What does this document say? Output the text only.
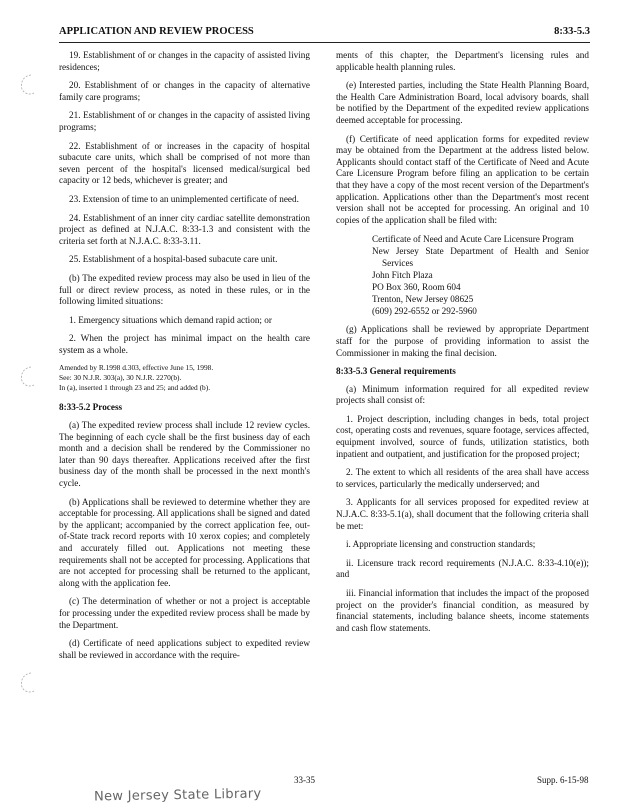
APPLICATION AND REVIEW PROCESS	8:33-5.3

19. Establishment of or changes in the capacity of assisted living residences;

20. Establishment of or changes in the capacity of alternative family care programs;

21. Establishment of or changes in the capacity of assisted living programs;

22. Establishment of or increases in the capacity of hospital subacute care units, which shall be comprised of not more than seven percent of the hospital's licensed medical/surgical bed capacity or 12 beds, whichever is greater; and

23. Extension of time to an unimplemented certificate of need.

24. Establishment of an inner city cardiac satellite demonstration project as defined at N.J.A.C. 8:33-1.3 and consistent with the criteria set forth at N.J.A.C. 8:33-3.11.

25. Establishment of a hospital-based subacute care unit.

(b) The expedited review process may also be used in lieu of the full or direct review process, as noted in these rules, or in the following limited situations:

1. Emergency situations which demand rapid action; or

2. When the project has minimal impact on the health care system as a whole.

Amended by R.1998 d.303, effective June 15, 1998.

See: 30 N.J.R. 303(a), 30 N.J.R. 2270(b).

In (a), inserted 1 through 23 and 25; and added (b).

8:33-5.2 Process

(a) The expedited review process shall include 12 review cycles. The beginning of each cycle shall be the first business day of each month and a decision shall be rendered by the Commissioner no later than 90 days thereafter. Applications received after the first business day of the month shall be processed in the next month's cycle.

(b) Applications shall be reviewed to determine whether they are acceptable for processing. All applications shall be signed and dated by the applicant; accompanied by the correct application fee, out-of-State track record reports with 10 xerox copies; and completely and accurately filled out. Applications not meeting these requirements shall not be accepted for processing. Applications that are not accepted for processing shall be returned to the applicant, along with the application fee.

(c) The determination of whether or not a project is acceptable for processing under the expedited review process shall be made by the Department.

(d) Certificate of need applications subject to expedited review shall be reviewed in accordance with the require-

ments of this chapter, the Department's licensing rules and applicable health planning rules.

(e) Interested parties, including the State Health Planning Board, the Health Care Administration Board, local advisory boards, shall be notified by the Department of the expedited review applications deemed acceptable for processing.

(f) Certificate of need application forms for expedited review may be obtained from the Department at the address listed below. Applicants should contact staff of the Certificate of Need and Acute Care Licensure Program before filing an application to be certain that they have a copy of the most recent version of the Department's application. Applications other than the Department's most recent version shall not be accepted for processing. An original and 10 copies of the application shall be filed with:

Certificate of Need and Acute Care Licensure Program
New Jersey State Department of Health and Senior Services
John Fitch Plaza
PO Box 360, Room 604
Trenton, New Jersey 08625
(609) 292-6552 or 292-5960

(g) Applications shall be reviewed by appropriate Department staff for the purpose of providing information to assist the Commissioner in making the final decision.

8:33-5.3 General requirements

(a) Minimum information required for all expedited review projects shall consist of:

1. Project description, including changes in beds, total project cost, operating costs and revenues, square footage, services affected, equipment involved, source of funds, utilization statistics, both inpatient and outpatient, and justification for the proposed project;

2. The extent to which all residents of the area shall have access to services, particularly the medically underserved; and

3. Applicants for all services proposed for expedited review at N.J.A.C. 8:33-5.1(a), shall document that the following criteria shall be met:

i. Appropriate licensing and construction standards;

ii. Licensure track record requirements (N.J.A.C. 8:33-4.10(e)); and

iii. Financial information that includes the impact of the proposed project on the provider's financial condition, as measured by financial statements, including balance sheets, income statements and cash flow statements.

33-35	Supp. 6-15-98
New Jersey State Library
